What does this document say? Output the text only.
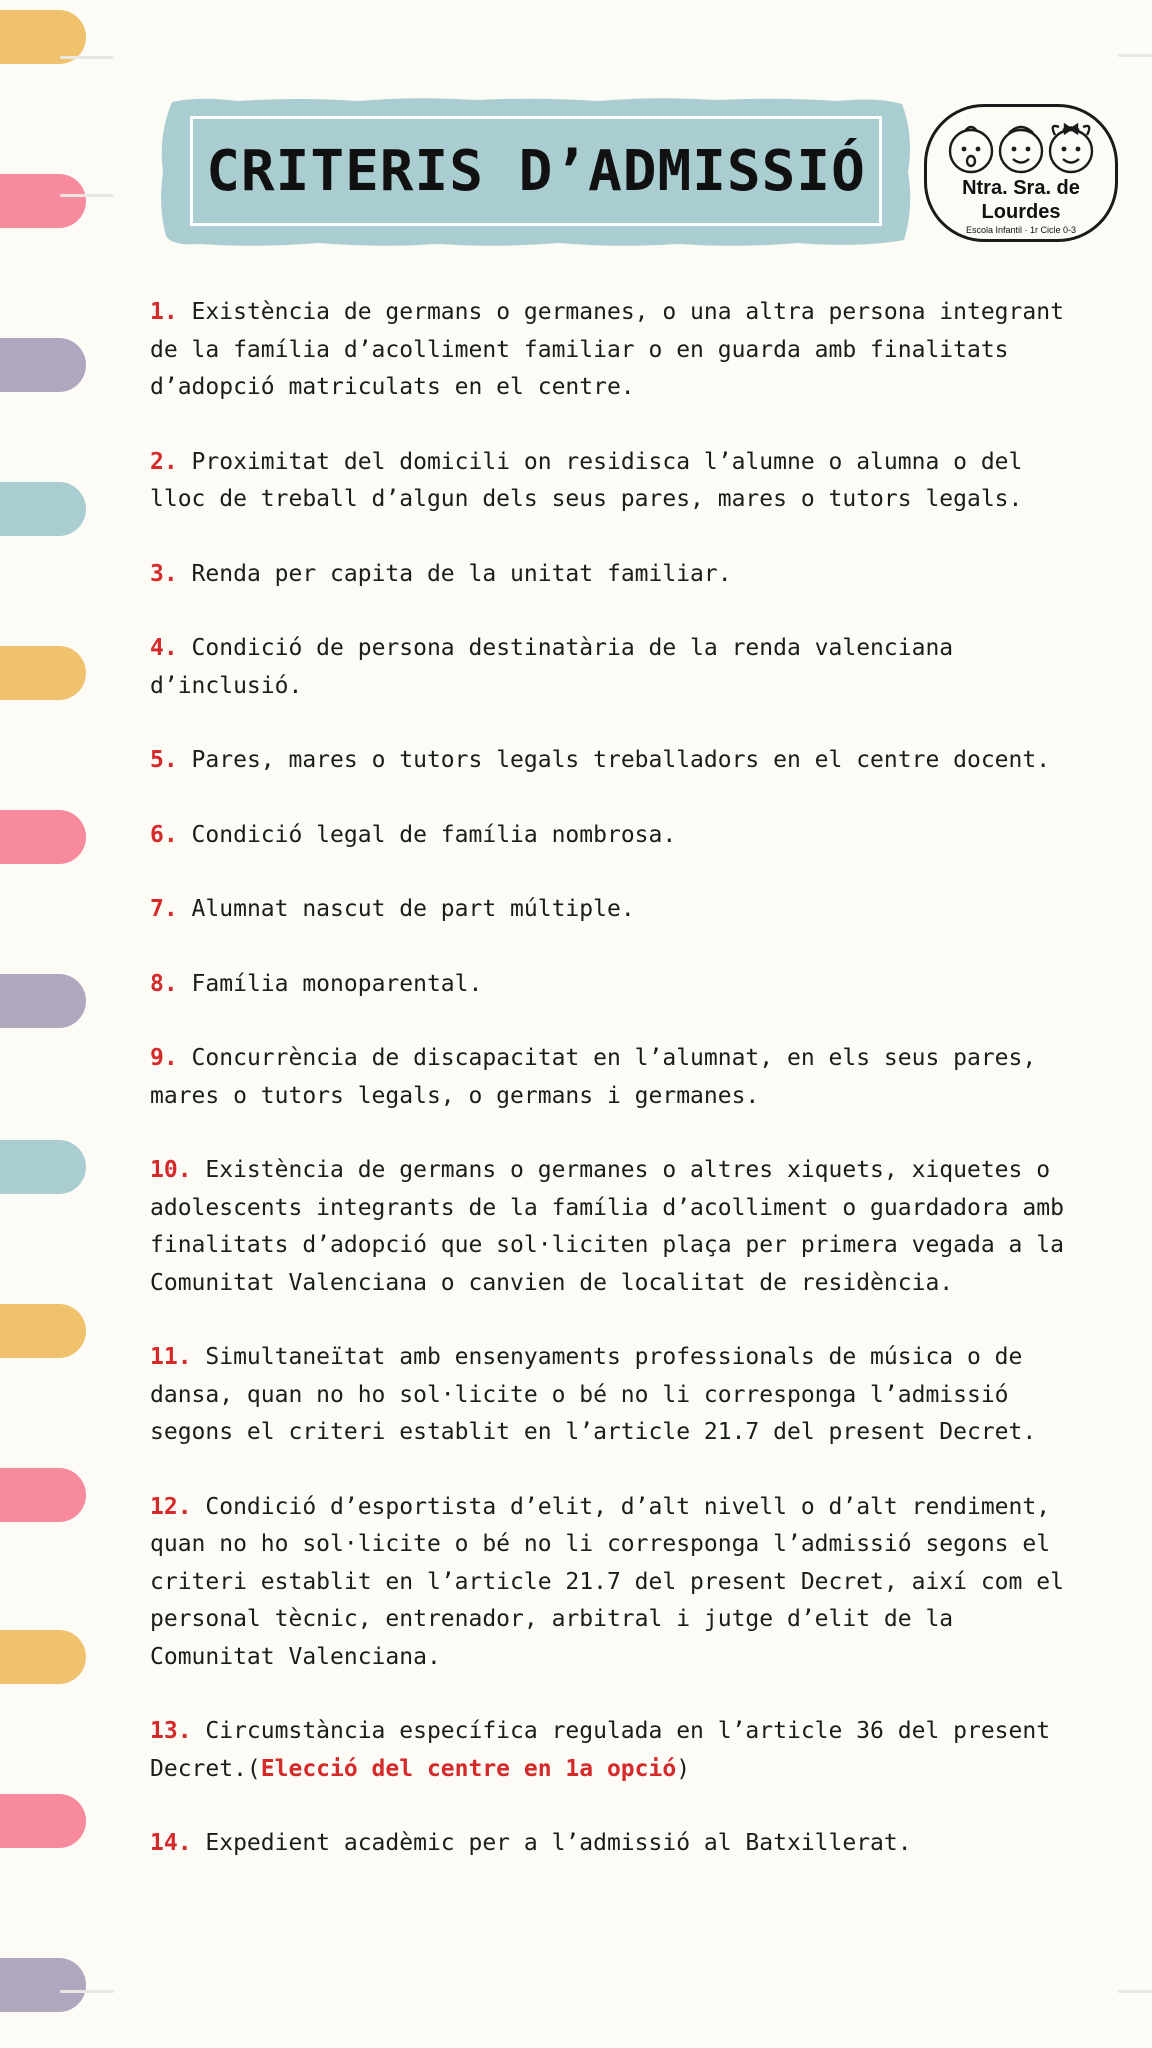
CRITERIS D’ADMISSIÓ	Ntra. Sra. de
Lourdes
Escola Infantil · 1r Cicle 0-3

1. Existència de germans o germanes, o una altra persona integrant de la família d’acolliment familiar o en guarda amb finalitats d’adopció matriculats en el centre.

2. Proximitat del domicili on residisca l’alumne o alumna o del lloc de treball d’algun dels seus pares, mares o tutors legals.

3. Renda per capita de la unitat familiar.

4. Condició de persona destinatària de la renda valenciana d’inclusió.

5. Pares, mares o tutors legals treballadors en el centre docent.

6. Condició legal de família nombrosa.

7. Alumnat nascut de part múltiple.

8. Família monoparental.

9. Concurrència de discapacitat en l’alumnat, en els seus pares, mares o tutors legals, o germans i germanes.

10. Existència de germans o germanes o altres xiquets, xiquetes o adolescents integrants de la família d’acolliment o guardadora amb finalitats d’adopció que sol·liciten plaça per primera vegada a la Comunitat Valenciana o canvien de localitat de residència.

11. Simultaneïtat amb ensenyaments professionals de música o de dansa, quan no ho sol·licite o bé no li corresponga l’admissió segons el criteri establit en l’article 21.7 del present Decret.

12. Condició d’esportista d’elit, d’alt nivell o d’alt rendiment, quan no ho sol·licite o bé no li corresponga l’admissió segons el criteri establit en l’article 21.7 del present Decret, així com el personal tècnic, entrenador, arbitral i jutge d’elit de la Comunitat Valenciana.

13. Circumstància específica regulada en l’article 36 del present Decret.(Elecció del centre en 1a opció)

14. Expedient acadèmic per a l’admissió al Batxillerat.
